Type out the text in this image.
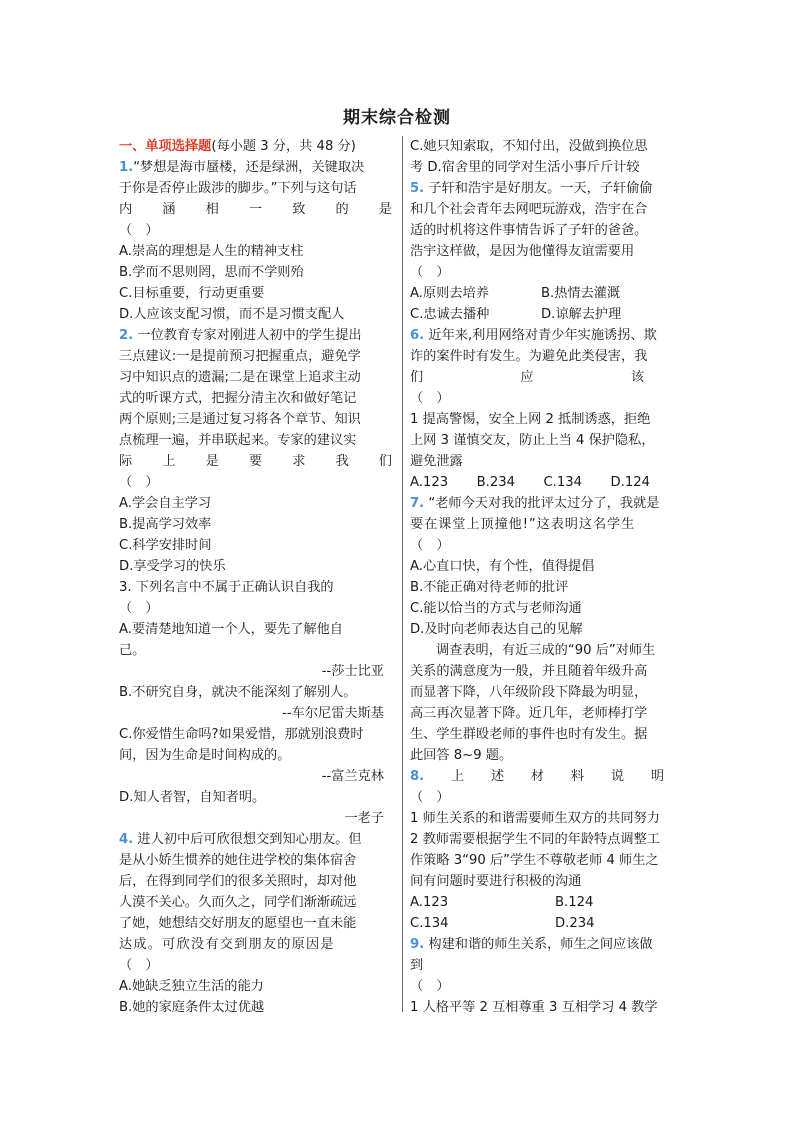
期末综合检测
一、单项选择题(每小题 3 分，共 48 分)
1.“梦想是海市蜃楼，还是绿洲，关键取决
于你是否停止跋涉的脚步。”下列与这句话
内 涵 相 一 致 的 是
（　）
A.崇高的理想是人生的精神支柱
B.学而不思则罔，思而不学则殆
C.目标重要，行动更重要
D.人应该支配习惯，而不是习惯支配人
2. 一位教育专家对刚进人初中的学生提出
三点建议:一是提前预习把握重点，避免学
习中知识点的遗漏;二是在课堂上追求主动
式的听课方式，把握分清主次和做好笔记
两个原则;三是通过复习将各个章节、知识
点梳理一遍，并串联起来。专家的建议实
际 上 是 要 求 我 们
（　）
A.学会自主学习
B.提高学习效率
C.科学安排时间
D.享受学习的快乐
3. 下列名言中不属于正确认识自我的
（　）
A.要清楚地知道一个人，要先了解他自
己。
--莎士比亚
B.不研究自身，就决不能深刻了解别人。
--车尔尼雷夫斯基
C.你爱惜生命吗?如果爱惜，那就别浪费时
间，因为生命是时间构成的。
--富兰克林
D.知人者智，自知者明。
一老子
4. 进人初中后可欣很想交到知心朋友。但
是从小娇生惯养的她住进学校的集体宿舍
后，在得到同学们的很多关照时，却对他
人漠不关心。久而久之，同学们渐渐疏远
了她，她想结交好朋友的愿望也一直未能
达成。可欣没有交到朋友的原因是
（　）
A.她缺乏独立生活的能力
B.她的家庭条件太过优越
C.她只知索取，不知付出，没做到换位思
考 D.宿舍里的同学对生活小事斤斤计较
5. 子轩和浩宇是好朋友。一天，子轩偷偷
和几个社会青年去网吧玩游戏，浩宇在合
适的时机将这件事情告诉了子轩的爸爸。
浩宇这样做，是因为他懂得友谊需要用
（　）
A.原则去培养	B.热情去灌溉
C.忠诚去播种	D.谅解去护理
6. 近年来,利用网络对青少年实施诱拐、欺
诈的案件时有发生。为避免此类侵害，我
们	应	该
（　）
1 提高警惕，安全上网 2 抵制诱惑，拒绝
上网 3 谨慎交友，防止上当 4 保护隐私，
避免泄露
A.123 B.234 C.134 D.124
7. “老师今天对我的批评太过分了，我就是
要在课堂上顶撞他!”这表明这名学生
（　）
A.心直口快，有个性，值得提倡
B.不能正确对待老师的批评
C.能以恰当的方式与老师沟通
D.及时向老师表达自己的见解
调查表明，有近三成的“90 后”对师生
关系的满意度为一般，并且随着年级升高
而显著下降，八年级阶段下降最为明显，
高三再次显著下降。近几年，老师棒打学
生、学生群殴老师的事件也时有发生。据
此回答 8~9 题。
8. 上 述 材 料 说 明
（　）
1 师生关系的和谐需要师生双方的共同努力
2 教师需要根据学生不同的年龄特点调整工
作策略 3“90 后”学生不尊敬老师 4 师生之
间有问题时要进行积极的沟通
A.123	B.124
C.134	D.234
9. 构建和谐的师生关系，师生之间应该做
到
（　）
1 人格平等 2 互相尊重 3 互相学习 4 教学
